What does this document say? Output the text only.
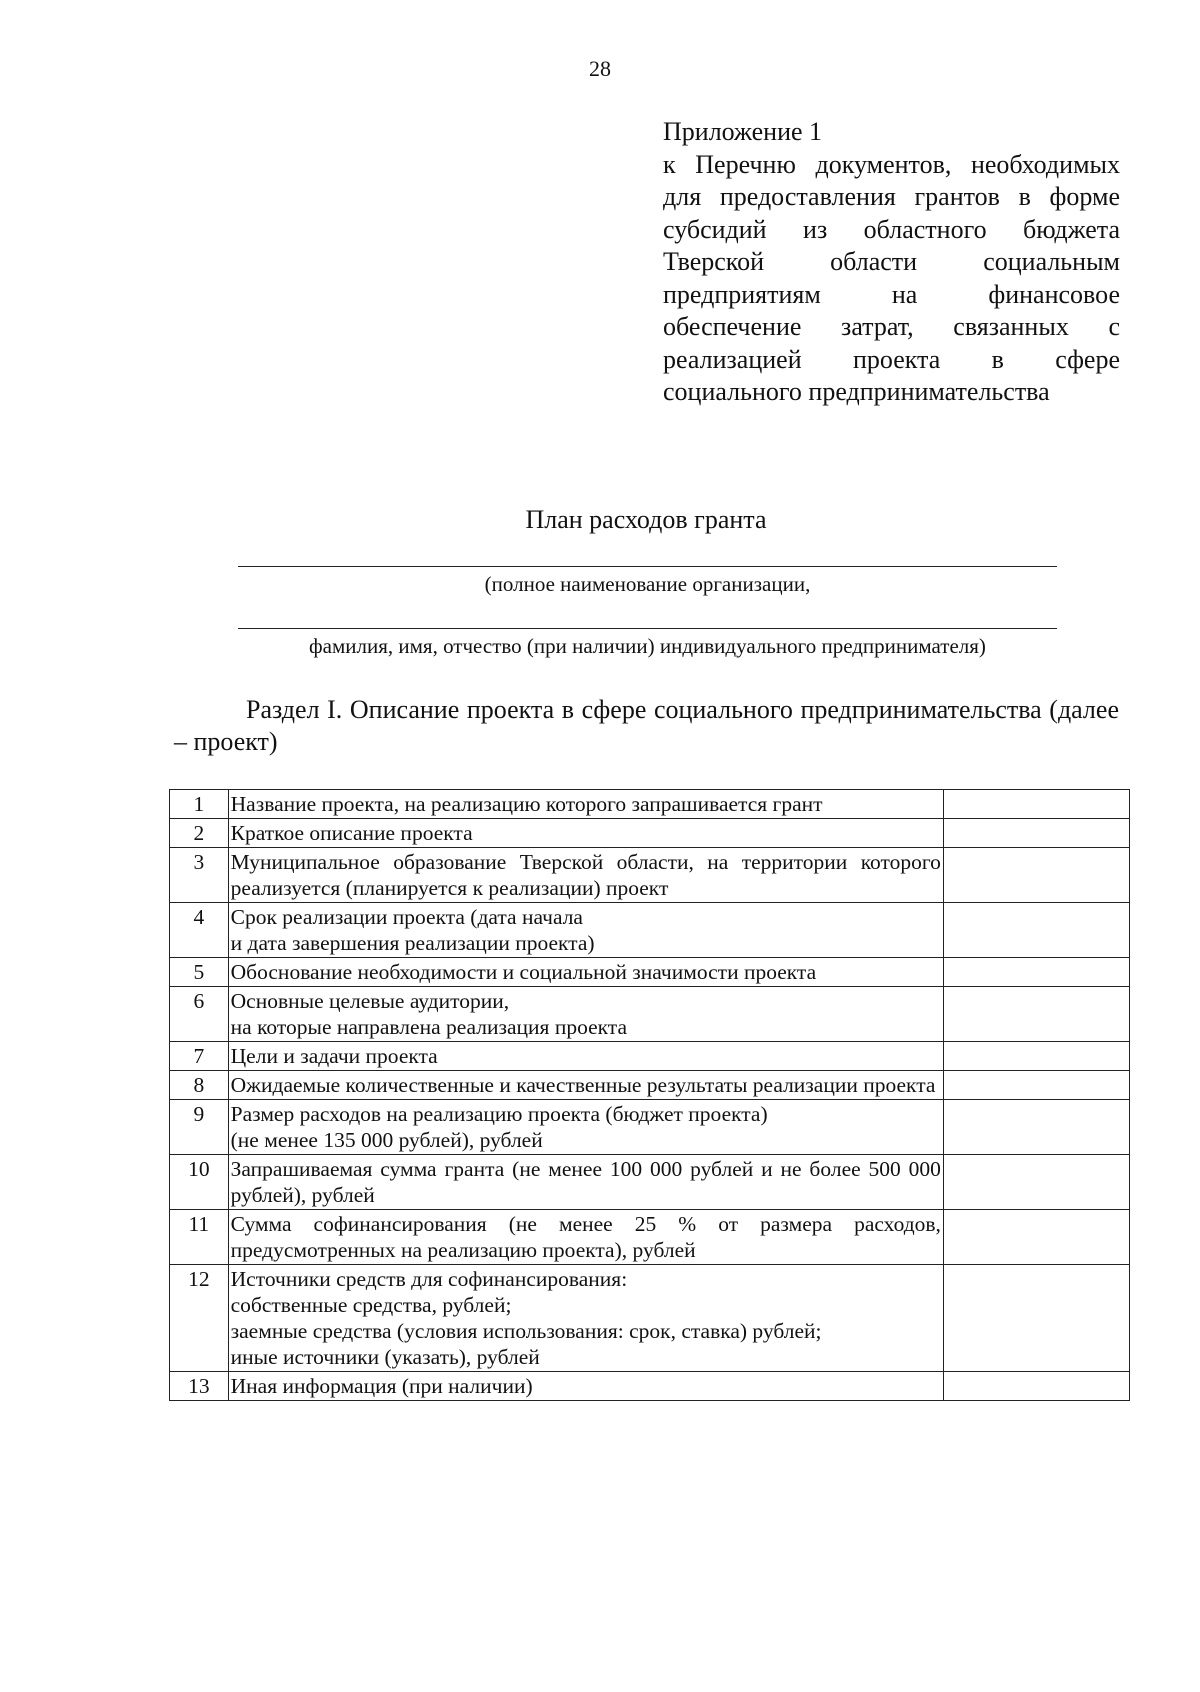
28
Приложение 1

к Перечню документов, необходимых для предоставления грантов в форме субсидий из областного бюджета Тверской области социальным предприятиям на финансовое обеспечение затрат, связанных с реализацией проекта в сфере социального предпринимательства

План расходов гранта
(полное наименование организации,
фамилия, имя, отчество (при наличии) индивидуального предпринимателя)

Раздел I. Описание проекта в сфере социального предпринимательства (далее – проект)

1	Название проекта, на реализацию которого запрашивается грант	

2	Краткое описание проекта	

3	Муниципальное образование Тверской области, на территории которого реализуется (планируется к реализации) проект	

4	Срок реализации проекта (дата начала
и дата завершения реализации проекта)	

5	Обоснование необходимости и социальной значимости проекта	

6	Основные целевые аудитории,
на которые направлена реализация проекта	

7	Цели и задачи проекта	

8	Ожидаемые количественные и качественные результаты реализации проекта	

9	Размер расходов на реализацию проекта (бюджет проекта)
(не менее 135 000 рублей), рублей	

10	Запрашиваемая сумма гранта (не менее 100 000 рублей и не более 500 000 рублей), рублей	

11	Сумма софинансирования (не менее 25 % от размера расходов, предусмотренных на реализацию проекта), рублей	

12	Источники средств для софинансирования:
собственные средства, рублей;
заемные средства (условия использования: срок, ставка) рублей;
иные источники (указать), рублей	

13	Иная информация (при наличии)	
